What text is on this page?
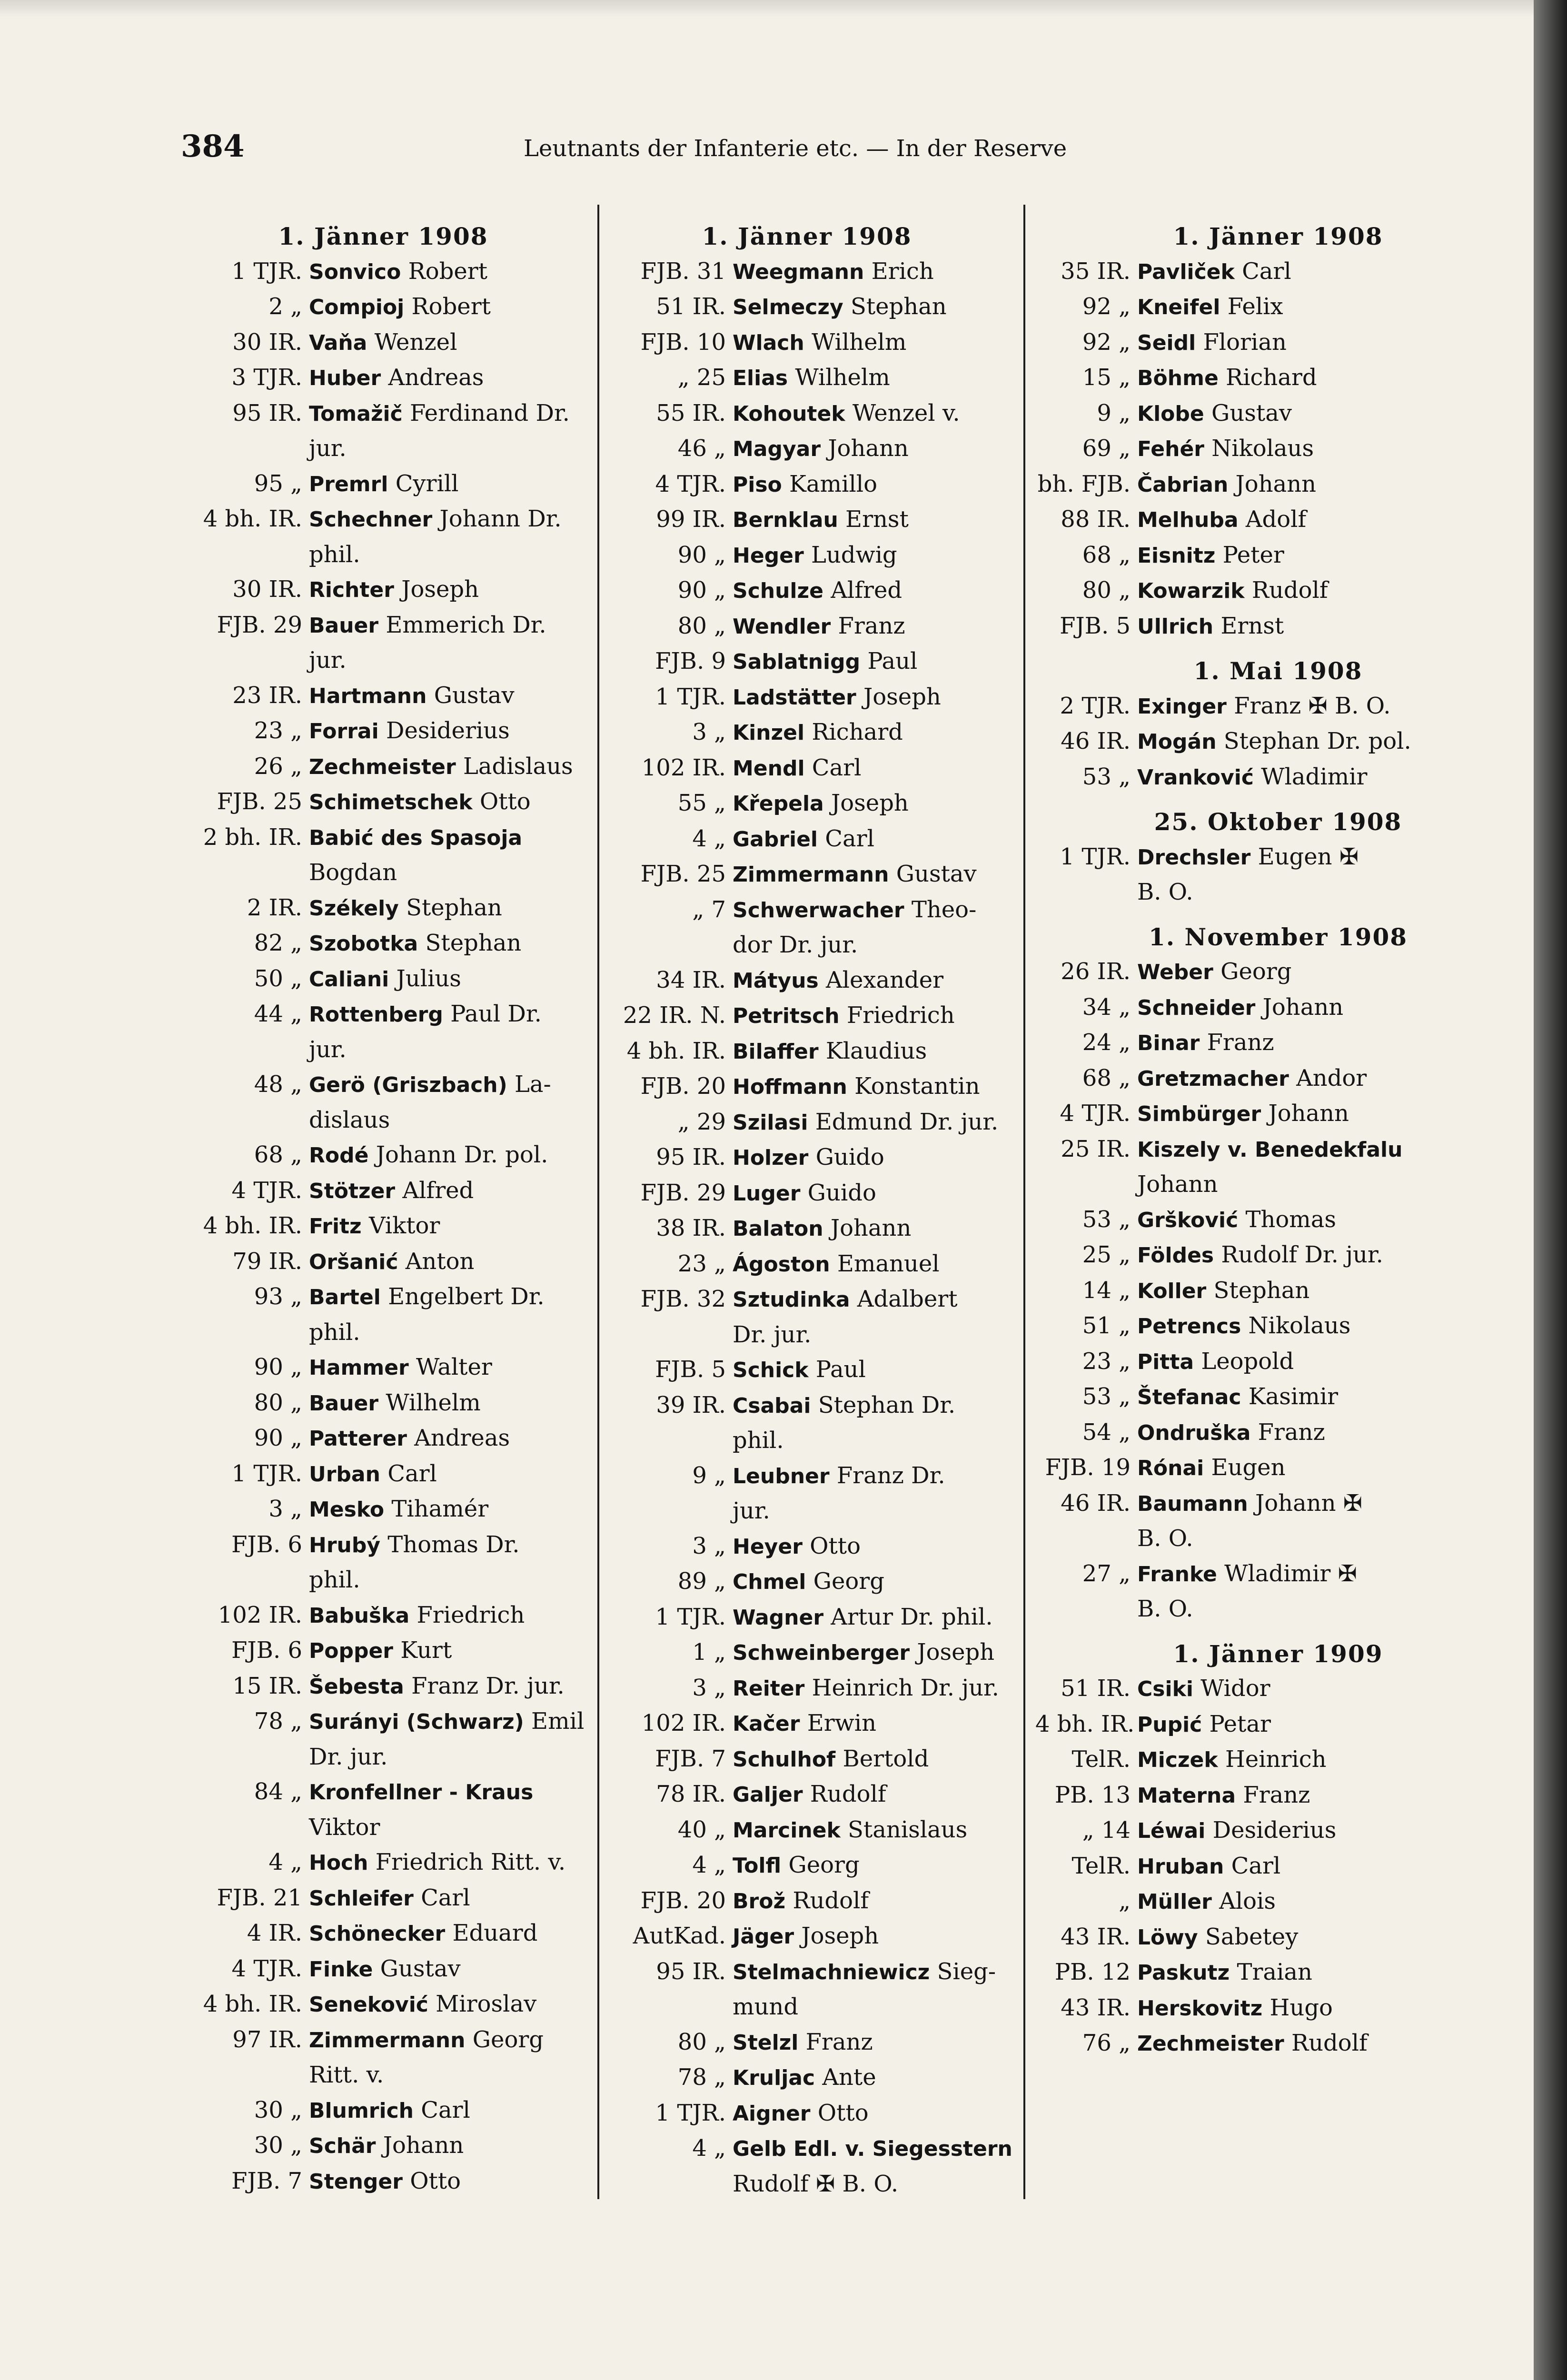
384	Leutnants der Infanterie etc. — In der Reserve
1. Jänner 1908
1 TJR. Sonvico Robert
2 „ Compioj Robert
30 IR. Vaňa Wenzel
3 TJR. Huber Andreas
95 IR. Tomažič Ferdinand Dr.
jur.
95 „ Premrl Cyrill
4 bh. IR. Schechner Johann Dr.
phil.
30 IR. Richter Joseph
FJB. 29 Bauer Emmerich Dr.
jur.
23 IR. Hartmann Gustav
23 „ Forrai Desiderius
26 „ Zechmeister Ladislaus
FJB. 25 Schimetschek Otto
2 bh. IR. Babić des Spasoja
Bogdan
2 IR. Székely Stephan
82 „ Szobotka Stephan
50 „ Caliani Julius
44 „ Rottenberg Paul Dr.
jur.
48 „ Gerö (Griszbach) La-
dislaus
68 „ Rodé Johann Dr. pol.
4 TJR. Stötzer Alfred
4 bh. IR. Fritz Viktor
79 IR. Oršanić Anton
93 „ Bartel Engelbert Dr.
phil.
90 „ Hammer Walter
80 „ Bauer Wilhelm
90 „ Patterer Andreas
1 TJR. Urban Carl
3 „ Mesko Tihamér
FJB. 6 Hrubý Thomas Dr.
phil.
102 IR. Babuška Friedrich
FJB. 6 Popper Kurt
15 IR. Šebesta Franz Dr. jur.
78 „ Surányi (Schwarz) Emil
Dr. jur.
84 „ Kronfellner - Kraus
Viktor
4 „ Hoch Friedrich Ritt. v.
FJB. 21 Schleifer Carl
4 IR. Schönecker Eduard
4 TJR. Finke Gustav
4 bh. IR. Seneković Miroslav
97 IR. Zimmermann Georg
Ritt. v.
30 „ Blumrich Carl
30 „ Schär Johann
FJB. 7 Stenger Otto
1. Jänner 1908
FJB. 31 Weegmann Erich
51 IR. Selmeczy Stephan
FJB. 10 Wlach Wilhelm
„ 25 Elias Wilhelm
55 IR. Kohoutek Wenzel v.
46 „ Magyar Johann
4 TJR. Piso Kamillo
99 IR. Bernklau Ernst
90 „ Heger Ludwig
90 „ Schulze Alfred
80 „ Wendler Franz
FJB. 9 Sablatnigg Paul
1 TJR. Ladstätter Joseph
3 „ Kinzel Richard
102 IR. Mendl Carl
55 „ Křepela Joseph
4 „ Gabriel Carl
FJB. 25 Zimmermann Gustav
„ 7 Schwerwacher Theo-
dor Dr. jur.
34 IR. Mátyus Alexander
22 IR. N. Petritsch Friedrich
4 bh. IR. Bilaffer Klaudius
FJB. 20 Hoffmann Konstantin
„ 29 Szilasi Edmund Dr. jur.
95 IR. Holzer Guido
FJB. 29 Luger Guido
38 IR. Balaton Johann
23 „ Ágoston Emanuel
FJB. 32 Sztudinka Adalbert
Dr. jur.
FJB. 5 Schick Paul
39 IR. Csabai Stephan Dr.
phil.
9 „ Leubner Franz Dr.
jur.
3 „ Heyer Otto
89 „ Chmel Georg
1 TJR. Wagner Artur Dr. phil.
1 „ Schweinberger Joseph
3 „ Reiter Heinrich Dr. jur.
102 IR. Kačer Erwin
FJB. 7 Schulhof Bertold
78 IR. Galjer Rudolf
40 „ Marcinek Stanislaus
4 „ Tolfl Georg
FJB. 20 Brož Rudolf
AutKad. Jäger Joseph
95 IR. Stelmachniewicz Sieg-
mund
80 „ Stelzl Franz
78 „ Kruljac Ante
1 TJR. Aigner Otto
4 „ Gelb Edl. v. Siegesstern
Rudolf ✠ B. O.
1. Jänner 1908
35 IR. Pavliček Carl
92 „ Kneifel Felix
92 „ Seidl Florian
15 „ Böhme Richard
9 „ Klobe Gustav
69 „ Fehér Nikolaus
bh. FJB. Čabrian Johann
88 IR. Melhuba Adolf
68 „ Eisnitz Peter
80 „ Kowarzik Rudolf
FJB. 5 Ullrich Ernst
1. Mai 1908
2 TJR. Exinger Franz ✠ B. O.
46 IR. Mogán Stephan Dr. pol.
53 „ Vranković Wladimir
25. Oktober 1908
1 TJR. Drechsler Eugen ✠
B. O.
1. November 1908
26 IR. Weber Georg
34 „ Schneider Johann
24 „ Binar Franz
68 „ Gretzmacher Andor
4 TJR. Simbürger Johann
25 IR. Kiszely v. Benedekfalu
Johann
53 „ Gršković Thomas
25 „ Földes Rudolf Dr. jur.
14 „ Koller Stephan
51 „ Petrencs Nikolaus
23 „ Pitta Leopold
53 „ Štefanac Kasimir
54 „ Ondruška Franz
FJB. 19 Rónai Eugen
46 IR. Baumann Johann ✠
B. O.
27 „ Franke Wladimir ✠
B. O.
1. Jänner 1909
51 IR. Csiki Widor
4 bh. IR. Pupić Petar
TelR. Miczek Heinrich
PB. 13 Materna Franz
„ 14 Léwai Desiderius
TelR. Hruban Carl
„ Müller Alois
43 IR. Löwy Sabetey
PB. 12 Paskutz Traian
43 IR. Herskovitz Hugo
76 „ Zechmeister Rudolf
